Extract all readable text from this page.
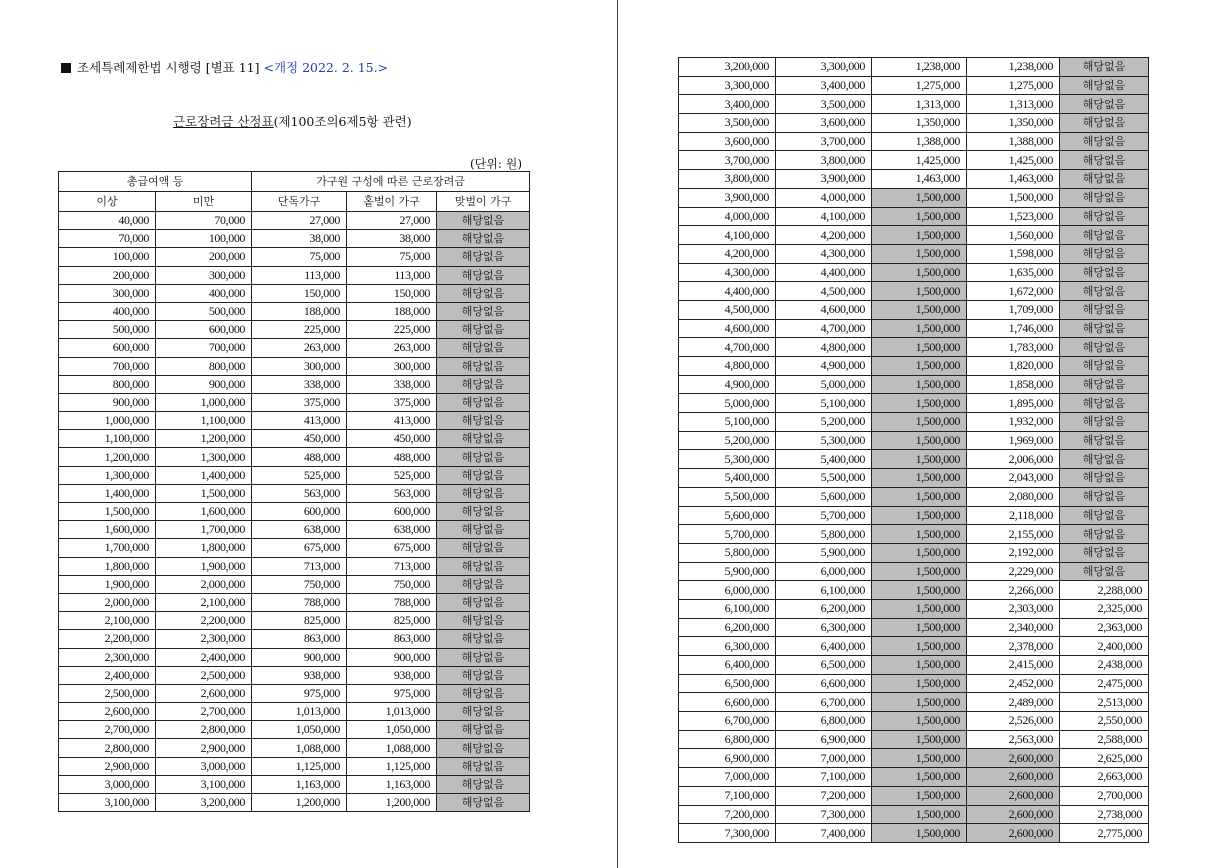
조세특례제한법 시행령 [별표 11] <개정 2022. 2. 15.>
근로장려금 산정표(제100조의6제5항 관련)
(단위: 원)
총급여액 등		가구원 구성에 따른 근로장려금		
이상	미만	단독가구	홑벌이 가구	맞벌이 가구
40,000	70,000	27,000	27,000	해당없음
70,000	100,000	38,000	38,000	해당없음
100,000	200,000	75,000	75,000	해당없음
200,000	300,000	113,000	113,000	해당없음
300,000	400,000	150,000	150,000	해당없음
400,000	500,000	188,000	188,000	해당없음
500,000	600,000	225,000	225,000	해당없음
600,000	700,000	263,000	263,000	해당없음
700,000	800,000	300,000	300,000	해당없음
800,000	900,000	338,000	338,000	해당없음
900,000	1,000,000	375,000	375,000	해당없음
1,000,000	1,100,000	413,000	413,000	해당없음
1,100,000	1,200,000	450,000	450,000	해당없음
1,200,000	1,300,000	488,000	488,000	해당없음
1,300,000	1,400,000	525,000	525,000	해당없음
1,400,000	1,500,000	563,000	563,000	해당없음
1,500,000	1,600,000	600,000	600,000	해당없음
1,600,000	1,700,000	638,000	638,000	해당없음
1,700,000	1,800,000	675,000	675,000	해당없음
1,800,000	1,900,000	713,000	713,000	해당없음
1,900,000	2,000,000	750,000	750,000	해당없음
2,000,000	2,100,000	788,000	788,000	해당없음
2,100,000	2,200,000	825,000	825,000	해당없음
2,200,000	2,300,000	863,000	863,000	해당없음
2,300,000	2,400,000	900,000	900,000	해당없음
2,400,000	2,500,000	938,000	938,000	해당없음
2,500,000	2,600,000	975,000	975,000	해당없음
2,600,000	2,700,000	1,013,000	1,013,000	해당없음
2,700,000	2,800,000	1,050,000	1,050,000	해당없음
2,800,000	2,900,000	1,088,000	1,088,000	해당없음
2,900,000	3,000,000	1,125,000	1,125,000	해당없음
3,000,000	3,100,000	1,163,000	1,163,000	해당없음
3,100,000	3,200,000	1,200,000	1,200,000	해당없음
3,200,000	3,300,000	1,238,000	1,238,000	해당없음
3,300,000	3,400,000	1,275,000	1,275,000	해당없음
3,400,000	3,500,000	1,313,000	1,313,000	해당없음
3,500,000	3,600,000	1,350,000	1,350,000	해당없음
3,600,000	3,700,000	1,388,000	1,388,000	해당없음
3,700,000	3,800,000	1,425,000	1,425,000	해당없음
3,800,000	3,900,000	1,463,000	1,463,000	해당없음
3,900,000	4,000,000	1,500,000	1,500,000	해당없음
4,000,000	4,100,000	1,500,000	1,523,000	해당없음
4,100,000	4,200,000	1,500,000	1,560,000	해당없음
4,200,000	4,300,000	1,500,000	1,598,000	해당없음
4,300,000	4,400,000	1,500,000	1,635,000	해당없음
4,400,000	4,500,000	1,500,000	1,672,000	해당없음
4,500,000	4,600,000	1,500,000	1,709,000	해당없음
4,600,000	4,700,000	1,500,000	1,746,000	해당없음
4,700,000	4,800,000	1,500,000	1,783,000	해당없음
4,800,000	4,900,000	1,500,000	1,820,000	해당없음
4,900,000	5,000,000	1,500,000	1,858,000	해당없음
5,000,000	5,100,000	1,500,000	1,895,000	해당없음
5,100,000	5,200,000	1,500,000	1,932,000	해당없음
5,200,000	5,300,000	1,500,000	1,969,000	해당없음
5,300,000	5,400,000	1,500,000	2,006,000	해당없음
5,400,000	5,500,000	1,500,000	2,043,000	해당없음
5,500,000	5,600,000	1,500,000	2,080,000	해당없음
5,600,000	5,700,000	1,500,000	2,118,000	해당없음
5,700,000	5,800,000	1,500,000	2,155,000	해당없음
5,800,000	5,900,000	1,500,000	2,192,000	해당없음
5,900,000	6,000,000	1,500,000	2,229,000	해당없음
6,000,000	6,100,000	1,500,000	2,266,000	2,288,000
6,100,000	6,200,000	1,500,000	2,303,000	2,325,000
6,200,000	6,300,000	1,500,000	2,340,000	2,363,000
6,300,000	6,400,000	1,500,000	2,378,000	2,400,000
6,400,000	6,500,000	1,500,000	2,415,000	2,438,000
6,500,000	6,600,000	1,500,000	2,452,000	2,475,000
6,600,000	6,700,000	1,500,000	2,489,000	2,513,000
6,700,000	6,800,000	1,500,000	2,526,000	2,550,000
6,800,000	6,900,000	1,500,000	2,563,000	2,588,000
6,900,000	7,000,000	1,500,000	2,600,000	2,625,000
7,000,000	7,100,000	1,500,000	2,600,000	2,663,000
7,100,000	7,200,000	1,500,000	2,600,000	2,700,000
7,200,000	7,300,000	1,500,000	2,600,000	2,738,000
7,300,000	7,400,000	1,500,000	2,600,000	2,775,000
